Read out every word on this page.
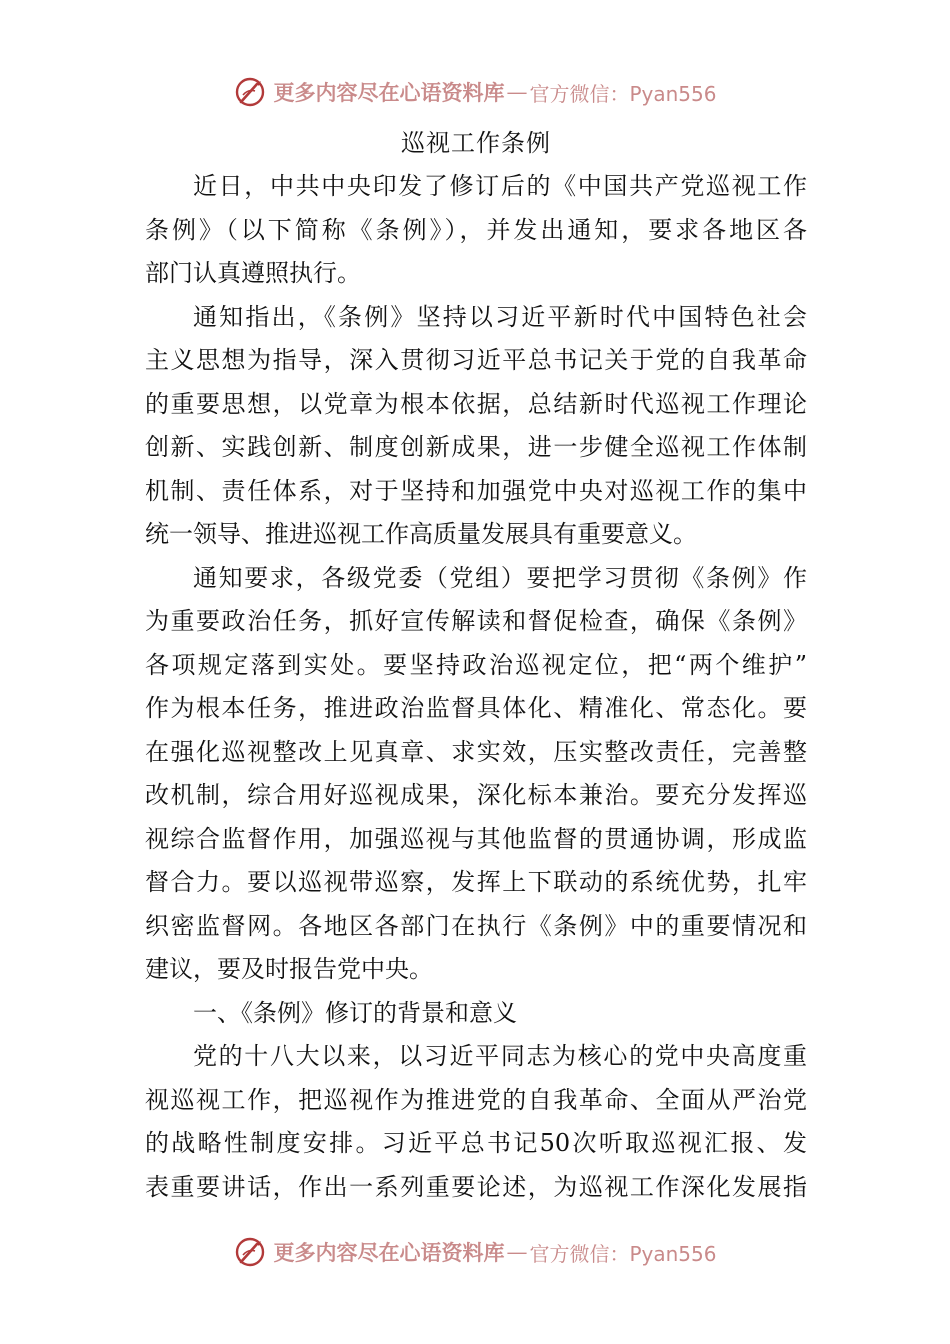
更多内容尽在心语资料库 — 官方微信：Pyan556
巡视工作条例
近日，中共中央印发了修订后的《中国共产党巡视工作
条例》（以下简称《条例》），并发出通知，要求各地区各
部门认真遵照执行。
通知指出，《条例》坚持以习近平新时代中国特色社会
主义思想为指导，深入贯彻习近平总书记关于党的自我革命
的重要思想，以党章为根本依据，总结新时代巡视工作理论
创新、实践创新、制度创新成果，进一步健全巡视工作体制
机制、责任体系，对于坚持和加强党中央对巡视工作的集中
统一领导、推进巡视工作高质量发展具有重要意义。
通知要求，各级党委（党组）要把学习贯彻《条例》作
为重要政治任务，抓好宣传解读和督促检查，确保《条例》
各项规定落到实处。要坚持政治巡视定位，把“两个维护”
作为根本任务，推进政治监督具体化、精准化、常态化。要
在强化巡视整改上见真章、求实效，压实整改责任，完善整
改机制，综合用好巡视成果，深化标本兼治。要充分发挥巡
视综合监督作用，加强巡视与其他监督的贯通协调，形成监
督合力。要以巡视带巡察，发挥上下联动的系统优势，扎牢
织密监督网。各地区各部门在执行《条例》中的重要情况和
建议，要及时报告党中央。
一、《条例》修订的背景和意义
党的十八大以来，以习近平同志为核心的党中央高度重
视巡视工作，把巡视作为推进党的自我革命、全面从严治党
的战略性制度安排。习近平总书记50次听取巡视汇报、发
表重要讲话，作出一系列重要论述，为巡视工作深化发展指
更多内容尽在心语资料库 — 官方微信：Pyan556
